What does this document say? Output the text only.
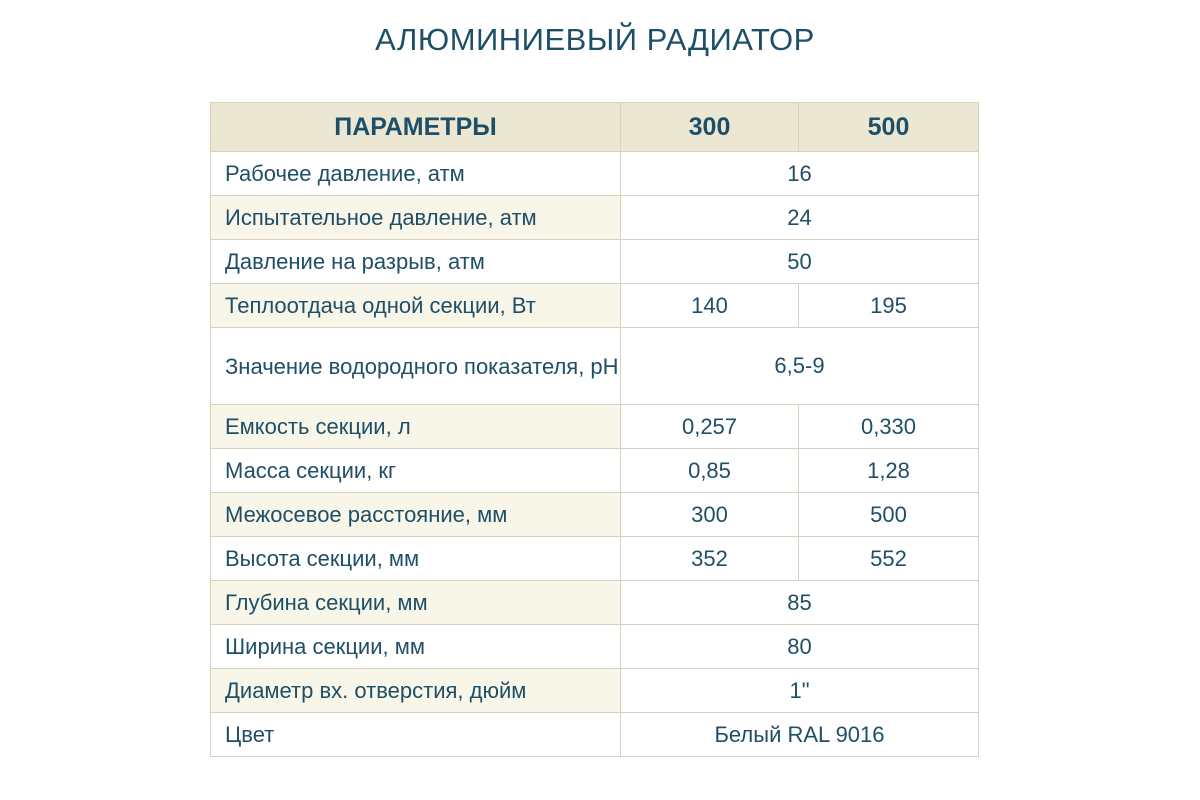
АЛЮМИНИЕВЫЙ РАДИАТОР
ПАРАМЕТРЫ	300	500
Рабочее давление, атм	16	
Испытательное давление, атм	24	
Давление на разрыв, атм	50	
Теплоотдача одной секции, Вт	140	195
Значение водородного показателя, pH	6,5-9	
Емкость секции, л	0,257	0,330
Масса секции, кг	0,85	1,28
Межосевое расстояние, мм	300	500
Высота секции, мм	352	552
Глубина секции, мм	85	
Ширина секции, мм	80	
Диаметр вх. отверстия, дюйм	1"	
Цвет	Белый RAL 9016	
